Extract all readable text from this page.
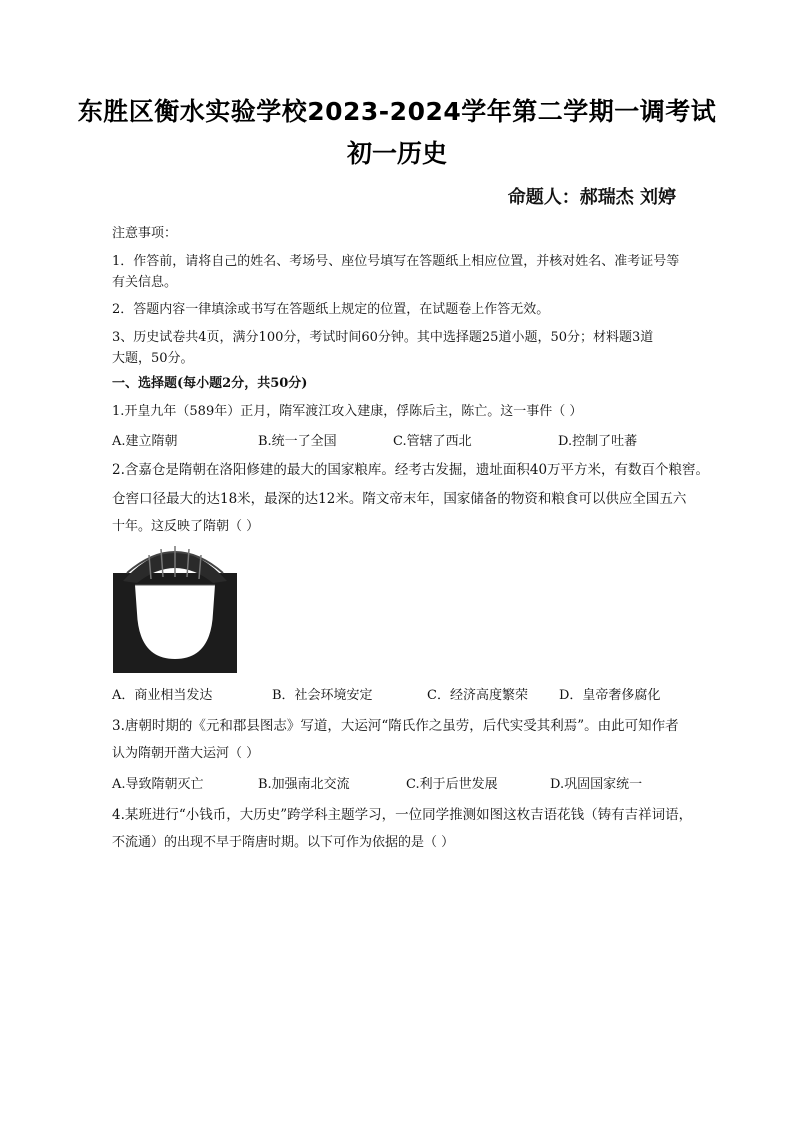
东胜区衡水实验学校2023-2024学年第二学期一调考试
初一历史
命题人：郝瑞杰 刘婷
注意事项：
1．作答前，请将自己的姓名、考场号、座位号填写在答题纸上相应位置，并核对姓名、准考证号等
有关信息。
2．答题内容一律填涂或书写在答题纸上规定的位置，在试题卷上作答无效。
3、历史试卷共4页，满分100分，考试时间60分钟。其中选择题25道小题，50分；材料题3道
大题，50分。
一、选择题(每小题2分，共50分)
1.开皇九年（589年）正月，隋军渡江攻入建康，俘陈后主，陈亡。这一事件（ ）
A.建立隋朝	B.统一了全国	C.管辖了西北	D.控制了吐蕃
2.含嘉仓是隋朝在洛阳修建的最大的国家粮库。经考古发掘，遗址面积40万平方米，有数百个粮窖。
仓窖口径最大的达18米，最深的达12米。隋文帝末年，国家储备的物资和粮食可以供应全国五六
十年。这反映了隋朝（ ）
A．商业相当发达	B．社会环境安定	C．经济高度繁荣 D．皇帝奢侈腐化
3.唐朝时期的《元和郡县图志》写道，大运河“隋氏作之虽劳，后代实受其利焉”。由此可知作者
认为隋朝开凿大运河（ ）
A.导致隋朝灭亡	B.加强南北交流	C.利于后世发展	D.巩固国家统一
4.某班进行“小钱币，大历史”跨学科主题学习，一位同学推测如图这枚吉语花钱（铸有吉祥词语，
不流通）的出现不早于隋唐时期。以下可作为依据的是（ ）
